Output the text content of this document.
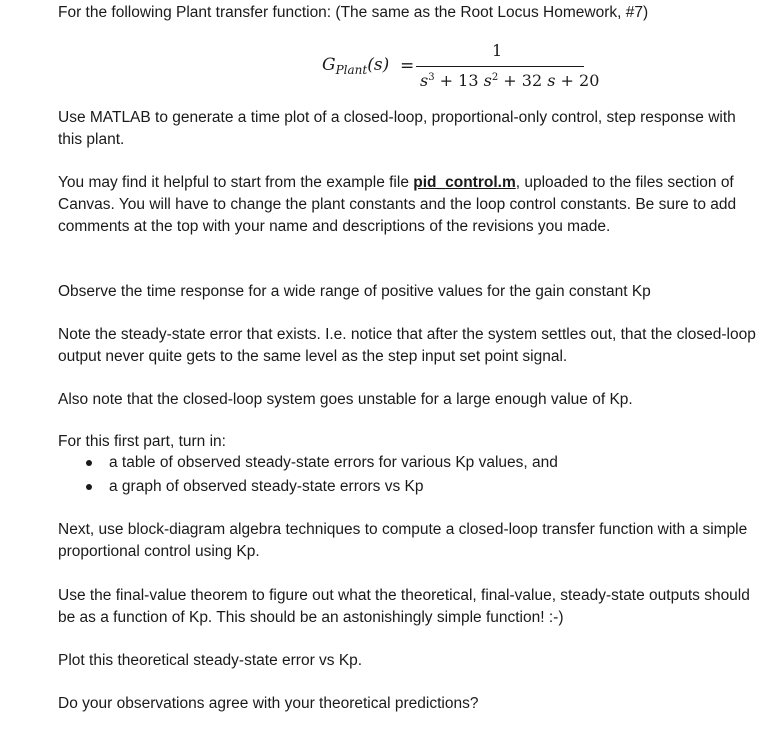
For the following Plant transfer function: (The same as the Root Locus Homework, #7)

$G_{Plant}(s)$ =
1
$s^3 + 13$ $s^2 + 32$ s + 20

Use MATLAB to generate a time plot of a closed-loop, proportional-only control, step response with this plant.

You may find it helpful to start from the example file pid_control.m, uploaded to the files section of Canvas. You will have to change the plant constants and the loop control constants. Be sure to add comments at the top with your name and descriptions of the revisions you made.

Observe the time response for a wide range of positive values for the gain constant Kp

Note the steady-state error that exists. I.e. notice that after the system settles out, that the closed-loop output never quite gets to the same level as the step input set point signal.

Also note that the closed-loop system goes unstable for a large enough value of Kp.

For this first part, turn in:

a table of observed steady-state errors for various Kp values, and
a graph of observed steady-state errors vs Kp

Next, use block-diagram algebra techniques to compute a closed-loop transfer function with a simple proportional control using Kp.

Use the final-value theorem to figure out what the theoretical, final-value, steady-state outputs should be as a function of Kp. This should be an astonishingly simple function! :-)

Plot this theoretical steady-state error vs Kp.

Do your observations agree with your theoretical predictions?
